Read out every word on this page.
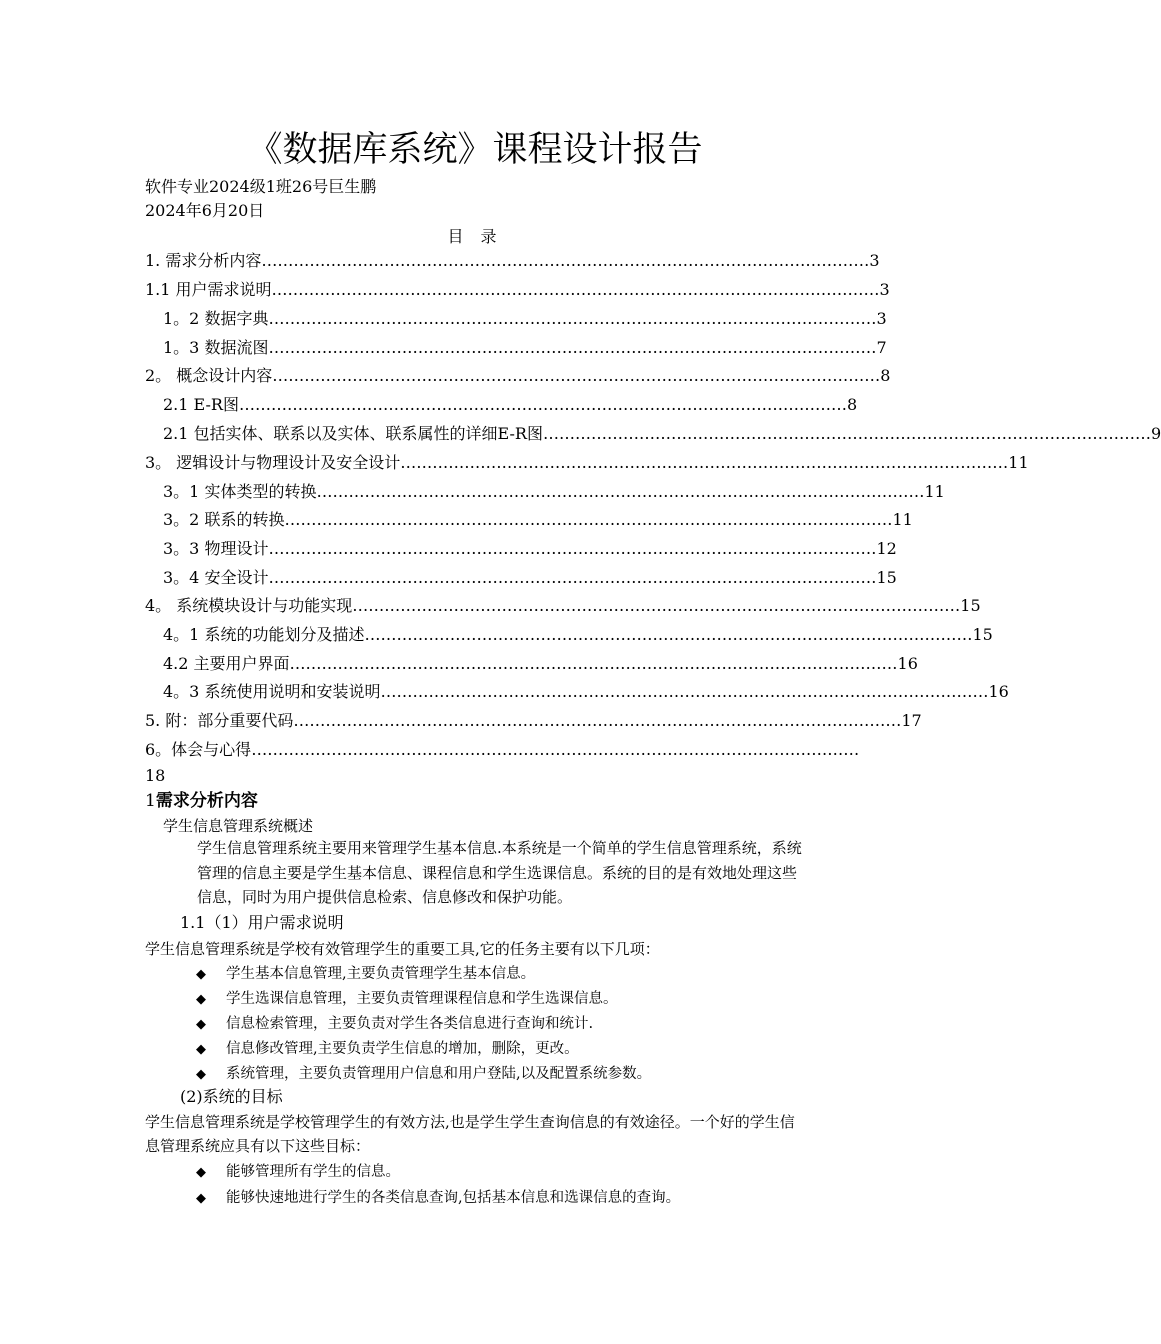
《数据库系统》课程设计报告
软件专业2024级1班26号巨生鹏
2024年6月20日
目 录
1. 需求分析内容 …………………………………………………………………………………………………… 3
1.1 用户需求说明 …………………………………………………………………………………………………… 3
1。2 数据字典 …………………………………………………………………………………………………… 3
1。3 数据流图 …………………………………………………………………………………………………… 7
2。 概念设计内容 …………………………………………………………………………………………………… 8
2.1 E-R图 …………………………………………………………………………………………………… 8
2.1 包括实体、联系以及实体、联系属性的详细E-R图 …………………………………………………………………………………………………… 9
3。 逻辑设计与物理设计及安全设计 …………………………………………………………………………………………………… 11
3。1 实体类型的转换 …………………………………………………………………………………………………… 11
3。2 联系的转换 …………………………………………………………………………………………………… 11
3。3 物理设计 …………………………………………………………………………………………………… 12
3。4 安全设计 …………………………………………………………………………………………………… 15
4。 系统模块设计与功能实现 …………………………………………………………………………………………………… 15
4。1 系统的功能划分及描述 …………………………………………………………………………………………………… 15
4.2 主要用户界面 …………………………………………………………………………………………………… 16
4。3 系统使用说明和安装说明 …………………………………………………………………………………………………… 16
5. 附：部分重要代码 …………………………………………………………………………………………………… 17
6。体会与心得 ……………………………………………………………………………………………………
18
1需求分析内容
学生信息管理系统概述
学生信息管理系统主要用来管理学生基本信息.本系统是一个简单的学生信息管理系统，系统管理的信息主要是学生基本信息、课程信息和学生选课信息。系统的目的是有效地处理这些信息，同时为用户提供信息检索、信息修改和保护功能。
1.1（1）用户需求说明
学生信息管理系统是学校有效管理学生的重要工具,它的任务主要有以下几项：
◆ 学生基本信息管理,主要负责管理学生基本信息。
◆ 学生选课信息管理，主要负责管理课程信息和学生选课信息。
◆ 信息检索管理，主要负责对学生各类信息进行查询和统计.
◆ 信息修改管理,主要负责学生信息的增加，删除，更改。
◆ 系统管理，主要负责管理用户信息和用户登陆,以及配置系统参数。
(2)系统的目标
学生信息管理系统是学校管理学生的有效方法,也是学生学生查询信息的有效途径。一个好的学生信息管理系统应具有以下这些目标：
◆ 能够管理所有学生的信息。
◆ 能够快速地进行学生的各类信息查询,包括基本信息和选课信息的查询。
